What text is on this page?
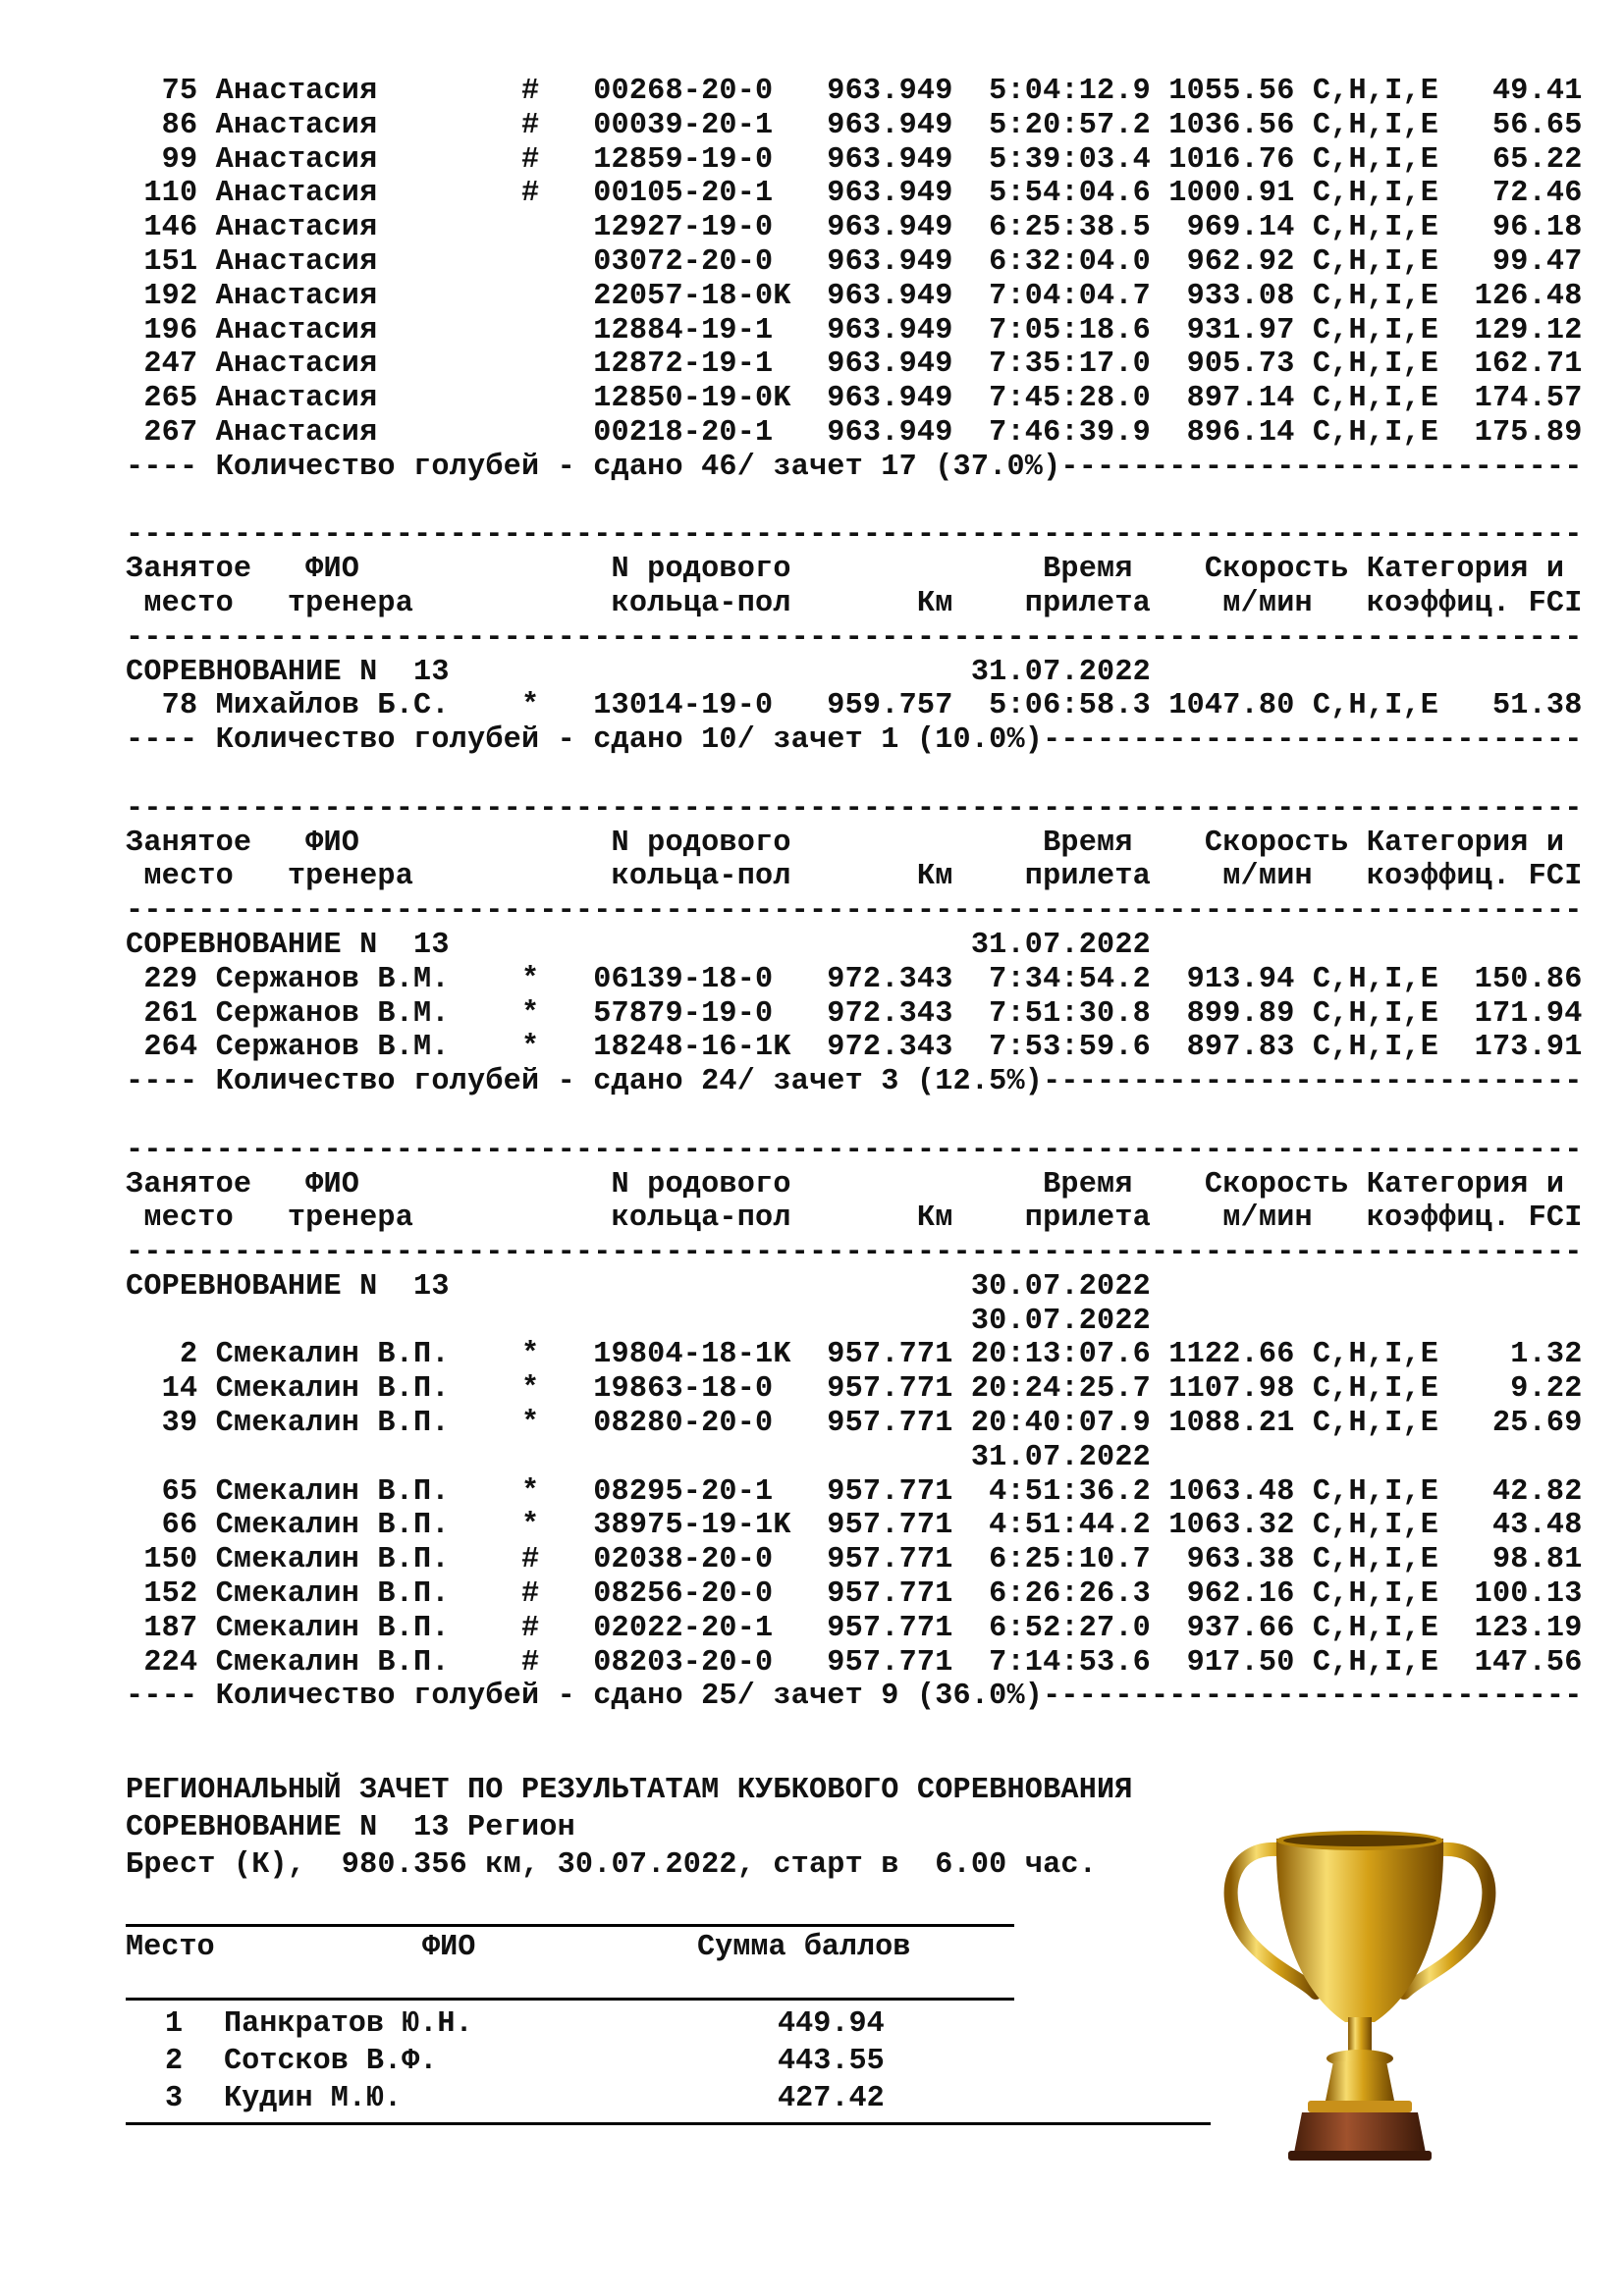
75 Анастасия        #   00268-20-0   963.949  5:04:12.9 1055.56 C,H,I,E   49.41
86 Анастасия        #   00039-20-1   963.949  5:20:57.2 1036.56 C,H,I,E   56.65
99 Анастасия        #   12859-19-0   963.949  5:39:03.4 1016.76 C,H,I,E   65.22
110 Анастасия        #   00105-20-1   963.949  5:54:04.6 1000.91 C,H,I,E   72.46
146 Анастасия            12927-19-0   963.949  6:25:38.5  969.14 C,H,I,E   96.18
151 Анастасия            03072-20-0   963.949  6:32:04.0  962.92 C,H,I,E   99.47
192 Анастасия            22057-18-0K  963.949  7:04:04.7  933.08 C,H,I,E  126.48
196 Анастасия            12884-19-1   963.949  7:05:18.6  931.97 C,H,I,E  129.12
247 Анастасия            12872-19-1   963.949  7:35:17.0  905.73 C,H,I,E  162.71
265 Анастасия            12850-19-0K  963.949  7:45:28.0  897.14 C,H,I,E  174.57
267 Анастасия            00218-20-1   963.949  7:46:39.9  896.14 C,H,I,E  175.89
---- Количество голубей - сдано 46/ зачет 17 (37.0%)-----------------------------
---------------------------------------------------------------------------------
Занятое   ФИО              N родового              Время    Скорость Категория и
место   тренера           кольца-пол       Км    прилета    м/мин   коэффиц. FCI
---------------------------------------------------------------------------------
СОРЕВНОВАНИЕ N  13                             31.07.2022
78 Михайлов Б.С.    *   13014-19-0   959.757  5:06:58.3 1047.80 C,H,I,E   51.38
---- Количество голубей - сдано 10/ зачет 1 (10.0%)------------------------------
---------------------------------------------------------------------------------
Занятое   ФИО              N родового              Время    Скорость Категория и
место   тренера           кольца-пол       Км    прилета    м/мин   коэффиц. FCI
---------------------------------------------------------------------------------
СОРЕВНОВАНИЕ N  13                             31.07.2022
229 Сержанов В.М.    *   06139-18-0   972.343  7:34:54.2  913.94 C,H,I,E  150.86
261 Сержанов В.М.    *   57879-19-0   972.343  7:51:30.8  899.89 C,H,I,E  171.94
264 Сержанов В.М.    *   18248-16-1K  972.343  7:53:59.6  897.83 C,H,I,E  173.91
---- Количество голубей - сдано 24/ зачет 3 (12.5%)------------------------------
---------------------------------------------------------------------------------
Занятое   ФИО              N родового              Время    Скорость Категория и
место   тренера           кольца-пол       Км    прилета    м/мин   коэффиц. FCI
---------------------------------------------------------------------------------
СОРЕВНОВАНИЕ N  13                             30.07.2022
30.07.2022
2 Смекалин В.П.    *   19804-18-1K  957.771 20:13:07.6 1122.66 C,H,I,E    1.32
14 Смекалин В.П.    *   19863-18-0   957.771 20:24:25.7 1107.98 C,H,I,E    9.22
39 Смекалин В.П.    *   08280-20-0   957.771 20:40:07.9 1088.21 C,H,I,E   25.69
31.07.2022
65 Смекалин В.П.    *   08295-20-1   957.771  4:51:36.2 1063.48 C,H,I,E   42.82
66 Смекалин В.П.    *   38975-19-1K  957.771  4:51:44.2 1063.32 C,H,I,E   43.48
150 Смекалин В.П.    #   02038-20-0   957.771  6:25:10.7  963.38 C,H,I,E   98.81
152 Смекалин В.П.    #   08256-20-0   957.771  6:26:26.3  962.16 C,H,I,E  100.13
187 Смекалин В.П.    #   02022-20-1   957.771  6:52:27.0  937.66 C,H,I,E  123.19
224 Смекалин В.П.    #   08203-20-0   957.771  7:14:53.6  917.50 C,H,I,E  147.56
---- Количество голубей - сдано 25/ зачет 9 (36.0%)------------------------------
РЕГИОНАЛЬНЫЙ ЗАЧЕТ ПО РЕЗУЛЬТАТАМ КУБКОВОГО СОРЕВНОВАНИЯ
СОРЕВНОВАНИЕ N  13 Регион
Брест (К),  980.356 км, 30.07.2022, старт в  6.00 час.
Место	ФИО	Сумма баллов
1 Панкратов Ю.Н.	449.94
2 Сотсков В.Ф.	443.55
3 Кудин М.Ю.	427.42
